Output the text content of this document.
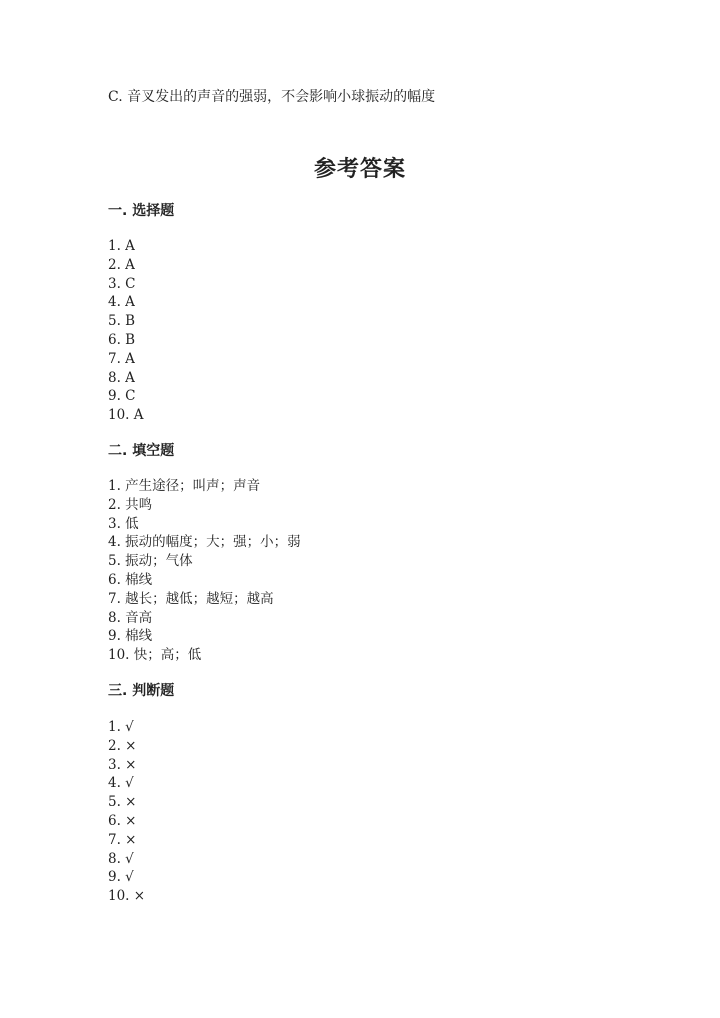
C. 音叉发出的声音的强弱，不会影响小球振动的幅度
参考答案
一. 选择题
1. A
2. A
3. C
4. A
5. B
6. B
7. A
8. A
9. C
10. A
二. 填空题
1. 产生途径；叫声；声音
2. 共鸣
3. 低
4. 振动的幅度；大；强；小；弱
5. 振动；气体
6. 棉线
7. 越长；越低；越短；越高
8. 音高
9. 棉线
10. 快；高；低
三. 判断题
1. √
2. ×
3. ×
4. √
5. ×
6. ×
7. ×
8. √
9. √
10. ×
